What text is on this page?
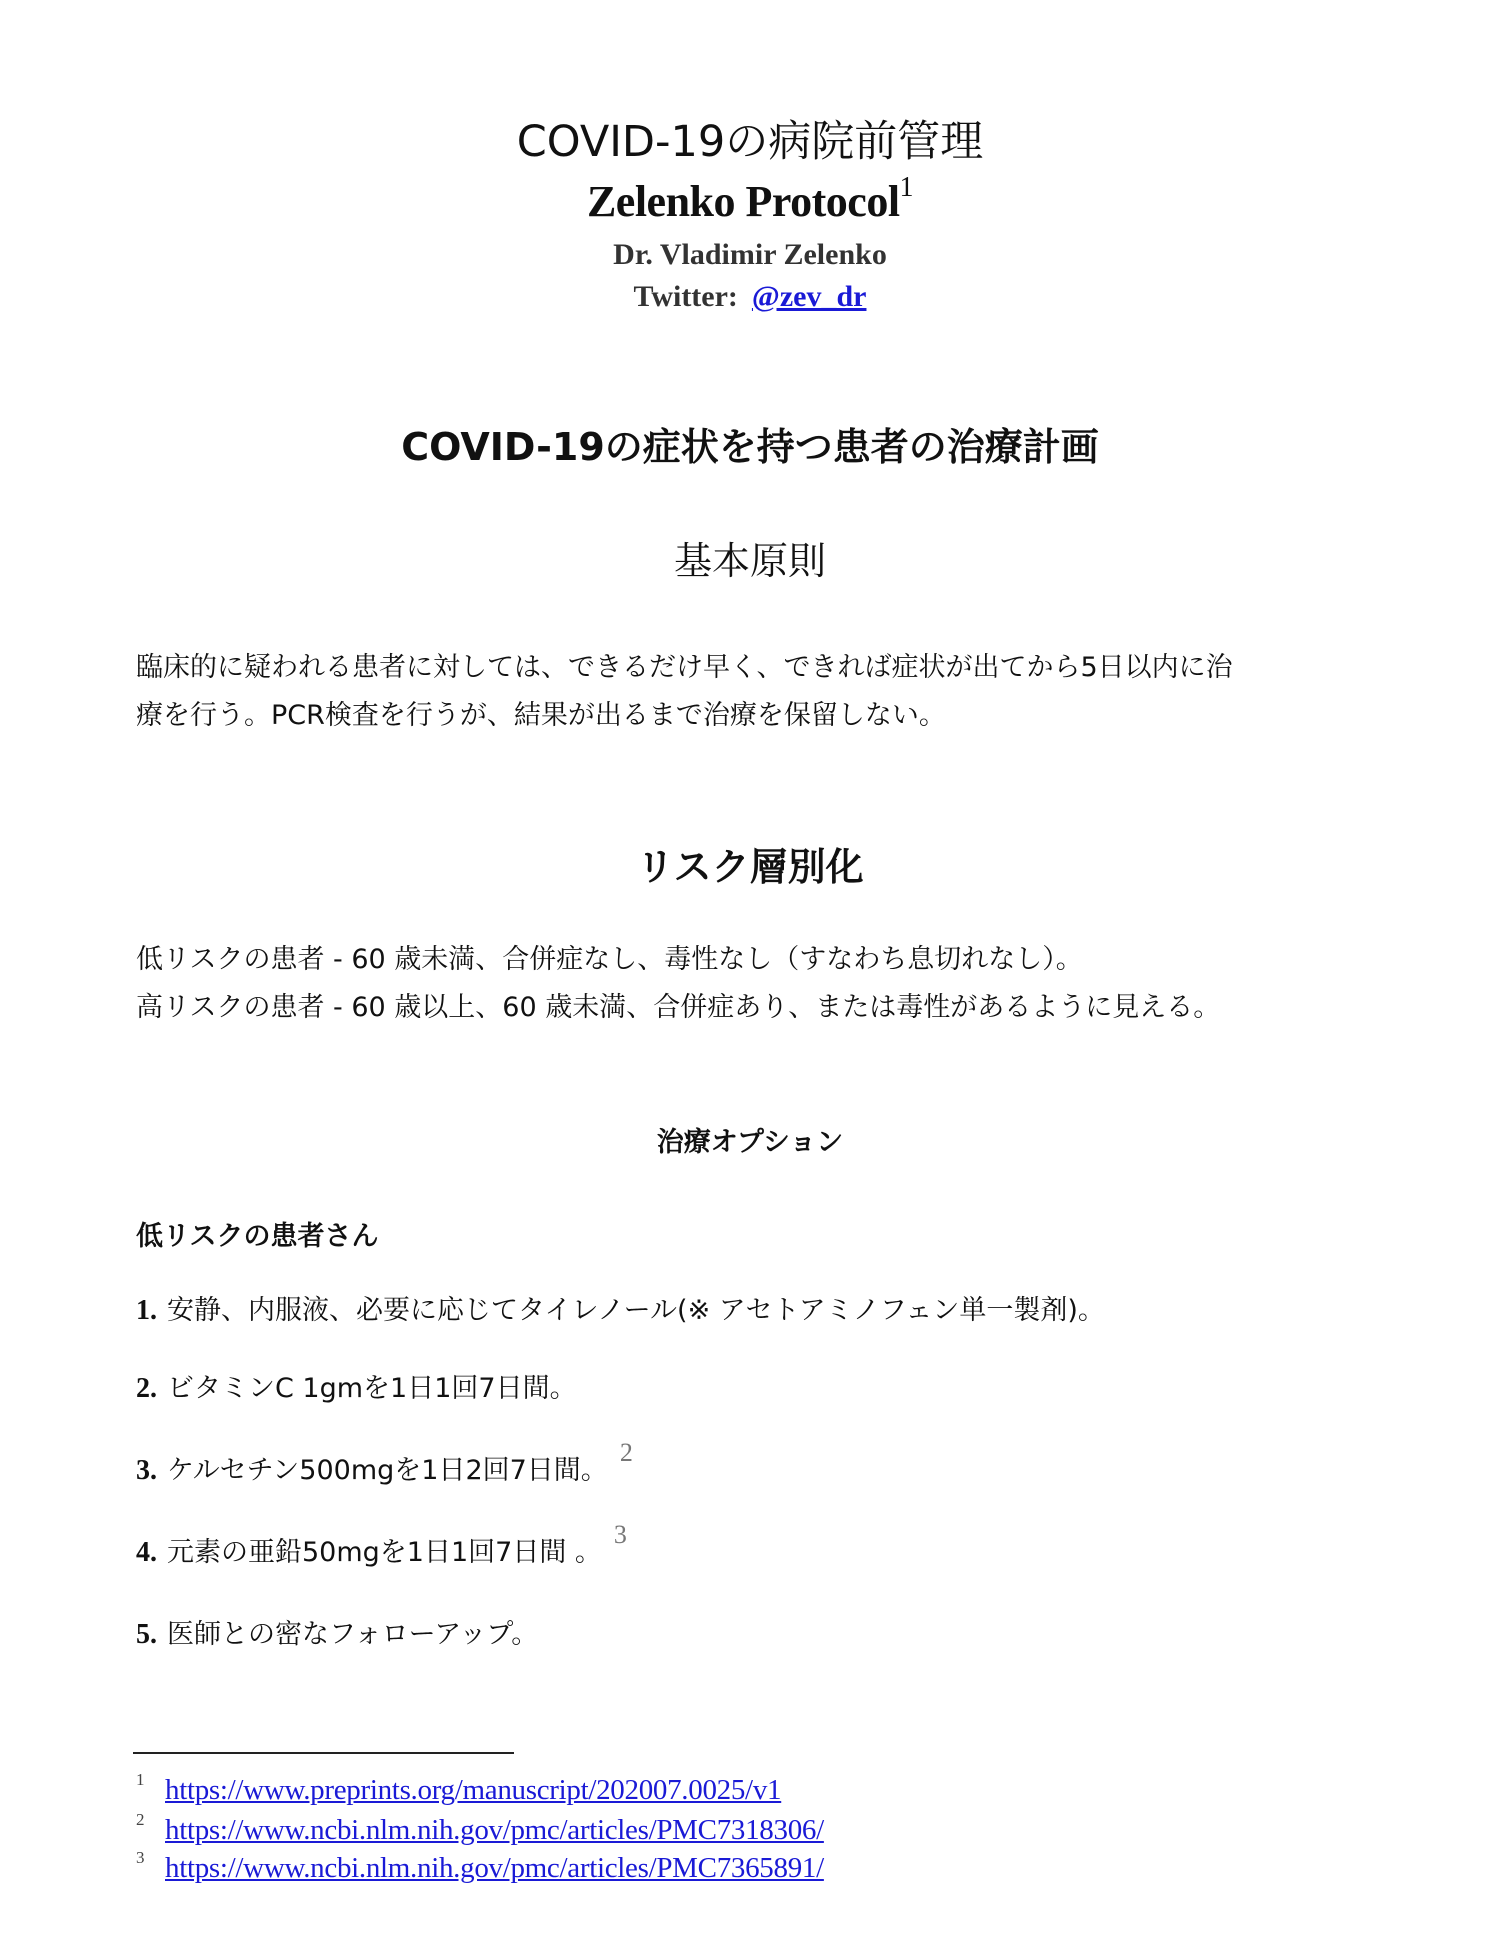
COVID-19の病院前管理
Zelenko Protocol$^1$
Dr. Vladimir Zelenko
Twitter: @zev_dr
COVID-19の症状を持つ患者の治療計画
基本原則
臨床的に疑われる患者に対しては、できるだけ早く、できれば症状が出てから5日以内に治
療を行う。PCR検査を行うが、結果が出るまで治療を保留しない。
リスク層別化
低リスクの患者 - 60 歳未満、合併症なし、毒性なし（すなわち息切れなし）。
高リスクの患者 - 60 歳以上、60 歳未満、合併症あり、または毒性があるように見える。
治療オプション
低リスクの患者さん
1. 安静、内服液、必要に応じてタイレノール(※ アセトアミノフェン単一製剤)。
2. ビタミンC 1gmを1日1回7日間。
3. ケルセチン500mgを1日2回7日間。2
4. 元素の亜鉛50mgを1日1回7日間 。3
5. 医師との密なフォローアップ。
1 https://www.preprints.org/manuscript/202007.0025/v1
2 https://www.ncbi.nlm.nih.gov/pmc/articles/PMC7318306/
3 https://www.ncbi.nlm.nih.gov/pmc/articles/PMC7365891/
